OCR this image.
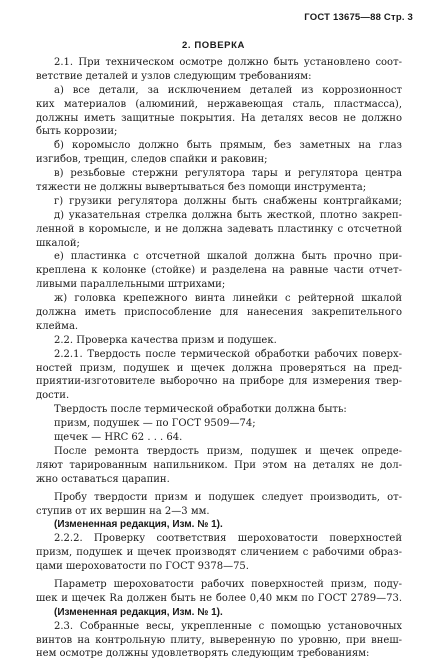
ГОСТ 13675—88 Стр. 3
2. ПОВЕРКА
2.1. При техническом осмотре должно быть установлено соот-
ветствие деталей и узлов следующим требованиям:
а) все детали, за исключением деталей из коррозионност
ких материалов (алюминий, нержавеющая сталь, пластмасса),
должны иметь защитные покрытия. На деталях весов не должно
быть коррозии;
б) коромысло должно быть прямым, без заметных на глаз
изгибов, трещин, следов спайки и раковин;
в) резьбовые стержни регулятора тары и регулятора центра
тяжести не должны вывертываться без помощи инструмента;
г) грузики регулятора должны быть снабжены контргайками;
д) указательная стрелка должна быть жесткой, плотно закреп-
ленной в коромысле, и не должна задевать пластинку с отсчетной
шкалой;
е) пластинка с отсчетной шкалой должна быть прочно при-
креплена к колонке (стойке) и разделена на равные части отчет-
ливыми параллельными штрихами;
ж) головка крепежного винта линейки с рейтерной шкалой
должна иметь приспособление для нанесения закрепительного
клейма.
2.2. Проверка качества призм и подушек.
2.2.1. Твердость после термической обработки рабочих поверх-
ностей призм, подушек и щечек должна проверяться на пред-
приятии-изготовителе выборочно на приборе для измерения твер-
дости.
Твердость после термической обработки должна быть:
призм, подушек — по ГОСТ 9509—74;
щечек — HRC 62 . . . 64.
После ремонта твердость призм, подушек и щечек опреде-
ляют тарированным напильником. При этом на деталях не дол-
жно оставаться царапин.
Пробу твердости призм и подушек следует производить, от-
ступив от их вершин на 2—3 мм.
(Измененная редакция, Изм. № 1).
2.2.2. Проверку соответствия шероховатости поверхностей
призм, подушек и щечек производят сличением с рабочими образ-
цами шероховатости по ГОСТ 9378—75.
Параметр шероховатости рабочих поверхностей призм, поду-
шек и щечек Ra должен быть не более 0,40 мкм по ГОСТ 2789—73.
(Измененная редакция, Изм. № 1).
2.3. Собранные весы, укрепленные с помощью установочных
винтов на контрольную плиту, выверенную по уровню, при внеш-
нем осмотре должны удовлетворять следующим требованиям:
